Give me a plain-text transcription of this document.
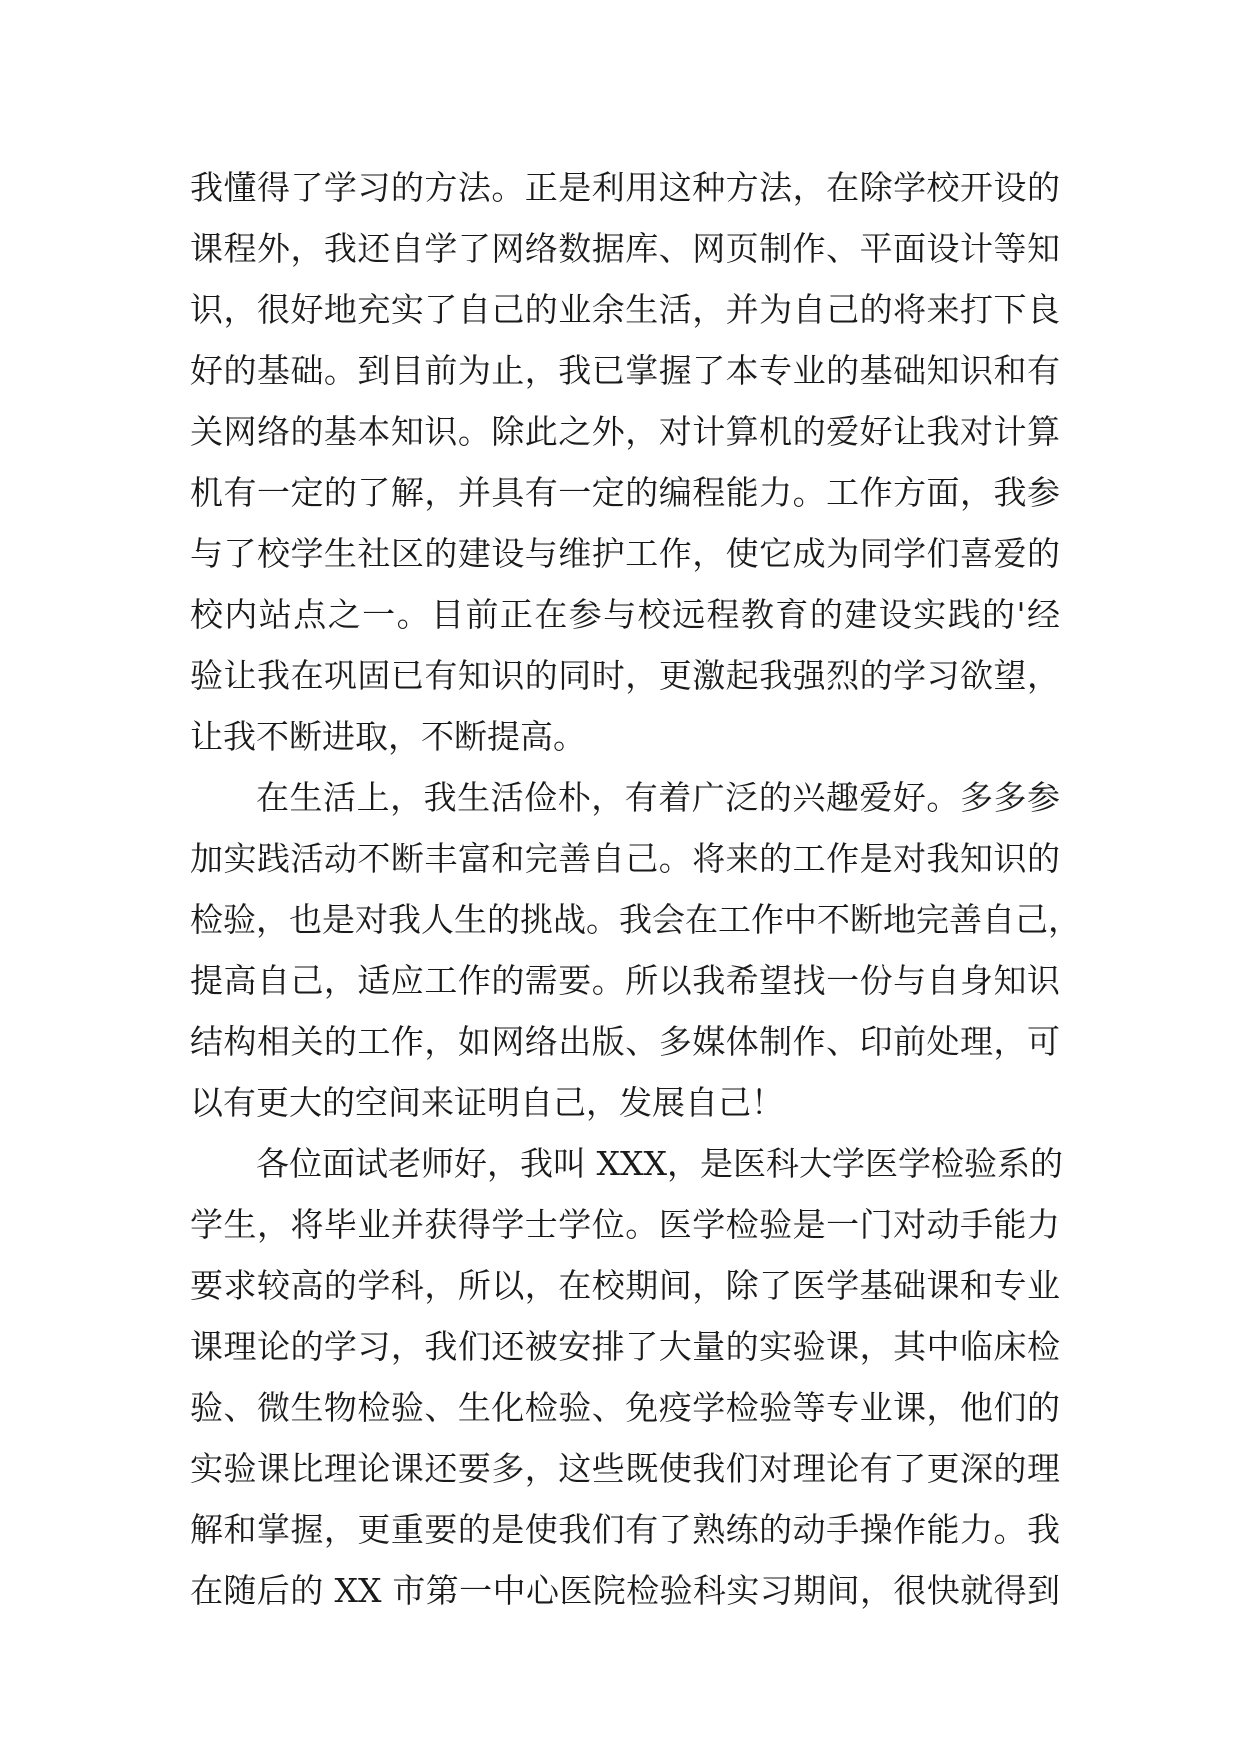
我懂得了学习的方法。正是利用这种方法，在除学校开设的
课程外，我还自学了网络数据库、网页制作、平面设计等知
识，很好地充实了自己的业余生活，并为自己的将来打下良
好的基础。到目前为止，我已掌握了本专业的基础知识和有
关网络的基本知识。除此之外，对计算机的爱好让我对计算
机有一定的了解，并具有一定的编程能力。工作方面，我参
与了校学生社区的建设与维护工作，使它成为同学们喜爱的
校内站点之一。目前正在参与校远程教育的建设实践的'经
验让我在巩固已有知识的同时，更激起我强烈的学习欲望，
让我不断进取，不断提高。
在生活上，我生活俭朴，有着广泛的兴趣爱好。多多参
加实践活动不断丰富和完善自己。将来的工作是对我知识的
检验，也是对我人生的挑战。我会在工作中不断地完善自己，
提高自己，适应工作的需要。所以我希望找一份与自身知识
结构相关的工作，如网络出版、多媒体制作、印前处理，可
以有更大的空间来证明自己，发展自己！
各位面试老师好，我叫 XXX，是医科大学医学检验系的
学生，将毕业并获得学士学位。医学检验是一门对动手能力
要求较高的学科，所以，在校期间，除了医学基础课和专业
课理论的学习，我们还被安排了大量的实验课，其中临床检
验、微生物检验、生化检验、免疫学检验等专业课，他们的
实验课比理论课还要多，这些既使我们对理论有了更深的理
解和掌握，更重要的是使我们有了熟练的动手操作能力。我
在随后的 XX 市第一中心医院检验科实习期间，很快就得到
